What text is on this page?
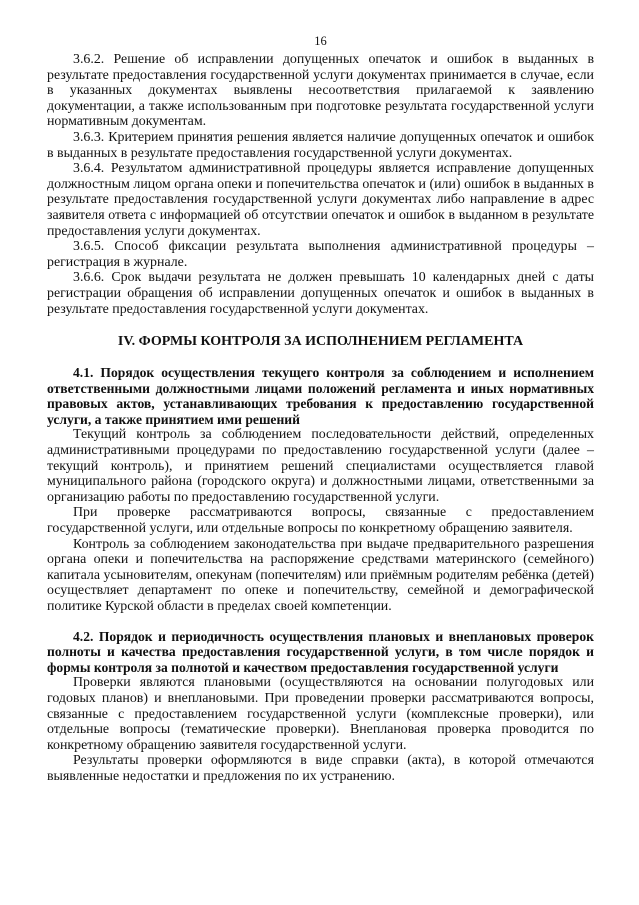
16

3.6.2. Решение об исправлении допущенных опечаток и ошибок в выданных в результате предоставления государственной услуги документах принимается в случае, если в указанных документах выявлены несоответствия прилагаемой к заявлению документации, а также использованным при подготовке результата государственной услуги нормативным документам.

3.6.3. Критерием принятия решения является наличие допущенных опечаток и ошибок в выданных в результате предоставления государственной услуги документах.

3.6.4. Результатом административной процедуры является исправление допущенных должностным лицом органа опеки и попечительства опечаток и (или) ошибок в выданных в результате предоставления государственной услуги документах либо направление в адрес заявителя ответа с информацией об отсутствии опечаток и ошибок в выданном в результате предоставления услуги документах.

3.6.5. Способ фиксации результата выполнения административной процедуры – регистрация в журнале.

3.6.6. Срок выдачи результата не должен превышать 10 календарных дней с даты регистрации обращения об исправлении допущенных опечаток и ошибок в выданных в результате предоставления государственной услуги документах.

IV. ФОРМЫ КОНТРОЛЯ ЗА ИСПОЛНЕНИЕМ РЕГЛАМЕНТА
4.1. Порядок осуществления текущего контроля за соблюдением и исполнением ответственными должностными лицами положений регламента и иных нормативных правовых актов, устанавливающих требования к предоставлению государственной услуги, а также принятием ими решений

Текущий контроль за соблюдением последовательности действий, определенных административными процедурами по предоставлению государственной услуги (далее – текущий контроль), и принятием решений специалистами осуществляется главой муниципального района (городского округа) и должностными лицами, ответственными за организацию работы по предоставлению государственной услуги.

При проверке рассматриваются вопросы, связанные с предоставлением государственной услуги, или отдельные вопросы по конкретному обращению заявителя.

Контроль за соблюдением законодательства при выдаче предварительного разрешения органа опеки и попечительства на распоряжение средствами материнского (семейного) капитала усыновителям, опекунам (попечителям) или приёмным родителям ребёнка (детей) осуществляет департамент по опеке и попечительству, семейной и демографической политике Курской области в пределах своей компетенции.

4.2. Порядок и периодичность осуществления плановых и внеплановых проверок полноты и качества предоставления государственной услуги, в том числе порядок и формы контроля за полнотой и качеством предоставления государственной услуги

Проверки являются плановыми (осуществляются на основании полугодовых или годовых планов) и внеплановыми. При проведении проверки рассматриваются вопросы, связанные с предоставлением государственной услуги (комплексные проверки), или отдельные вопросы (тематические проверки). Внеплановая проверка проводится по конкретному обращению заявителя государственной услуги.

Результаты проверки оформляются в виде справки (акта), в которой отмечаются выявленные недостатки и предложения по их устранению.
